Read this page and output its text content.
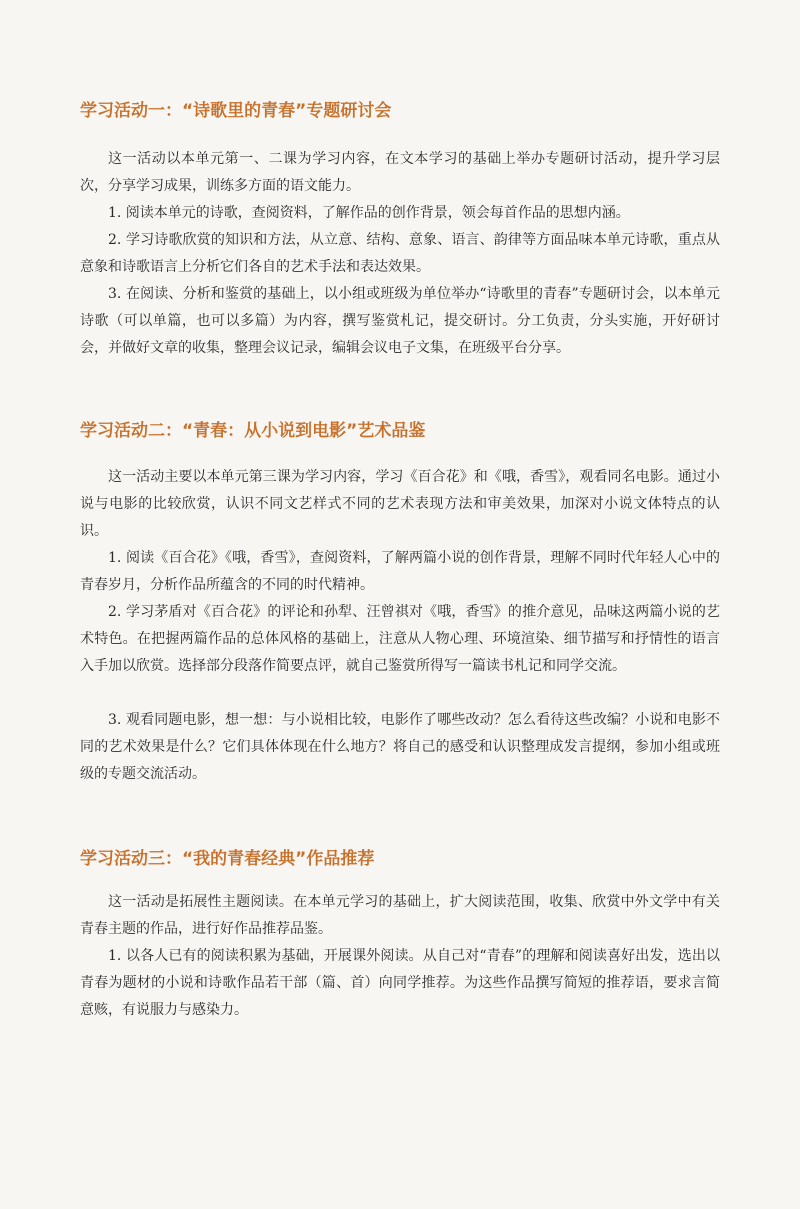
学习活动一：“诗歌里的青春”专题研讨会

这一活动以本单元第一、二课为学习内容，在文本学习的基础上举办专题研讨活动，提升学习层次，分享学习成果，训练多方面的语文能力。

1. 阅读本单元的诗歌，查阅资料，了解作品的创作背景，领会每首作品的思想内涵。

2. 学习诗歌欣赏的知识和方法，从立意、结构、意象、语言、韵律等方面品味本单元诗歌，重点从意象和诗歌语言上分析它们各自的艺术手法和表达效果。

3. 在阅读、分析和鉴赏的基础上，以小组或班级为单位举办“诗歌里的青春”专题研讨会，以本单元诗歌（可以单篇，也可以多篇）为内容，撰写鉴赏札记，提交研讨。分工负责，分头实施，开好研讨会，并做好文章的收集，整理会议记录，编辑会议电子文集，在班级平台分享。

学习活动二：“青春：从小说到电影”艺术品鉴

这一活动主要以本单元第三课为学习内容，学习《百合花》和《哦，香雪》，观看同名电影。通过小说与电影的比较欣赏，认识不同文艺样式不同的艺术表现方法和审美效果，加深对小说文体特点的认识。

1. 阅读《百合花》《哦，香雪》，查阅资料，了解两篇小说的创作背景，理解不同时代年轻人心中的青春岁月，分析作品所蕴含的不同的时代精神。

2. 学习茅盾对《百合花》的评论和孙犁、汪曾祺对《哦，香雪》的推介意见，品味这两篇小说的艺术特色。在把握两篇作品的总体风格的基础上，注意从人物心理、环境渲染、细节描写和抒情性的语言入手加以欣赏。选择部分段落作简要点评，就自己鉴赏所得写一篇读书札记和同学交流。

3. 观看同题电影，想一想：与小说相比较，电影作了哪些改动？怎么看待这些改编？小说和电影不同的艺术效果是什么？它们具体体现在什么地方？将自己的感受和认识整理成发言提纲，参加小组或班级的专题交流活动。

学习活动三：“我的青春经典”作品推荐

这一活动是拓展性主题阅读。在本单元学习的基础上，扩大阅读范围，收集、欣赏中外文学中有关青春主题的作品，进行好作品推荐品鉴。

1. 以各人已有的阅读积累为基础，开展课外阅读。从自己对“青春”的理解和阅读喜好出发，选出以青春为题材的小说和诗歌作品若干部（篇、首）向同学推荐。为这些作品撰写简短的推荐语，要求言简意赅，有说服力与感染力。
